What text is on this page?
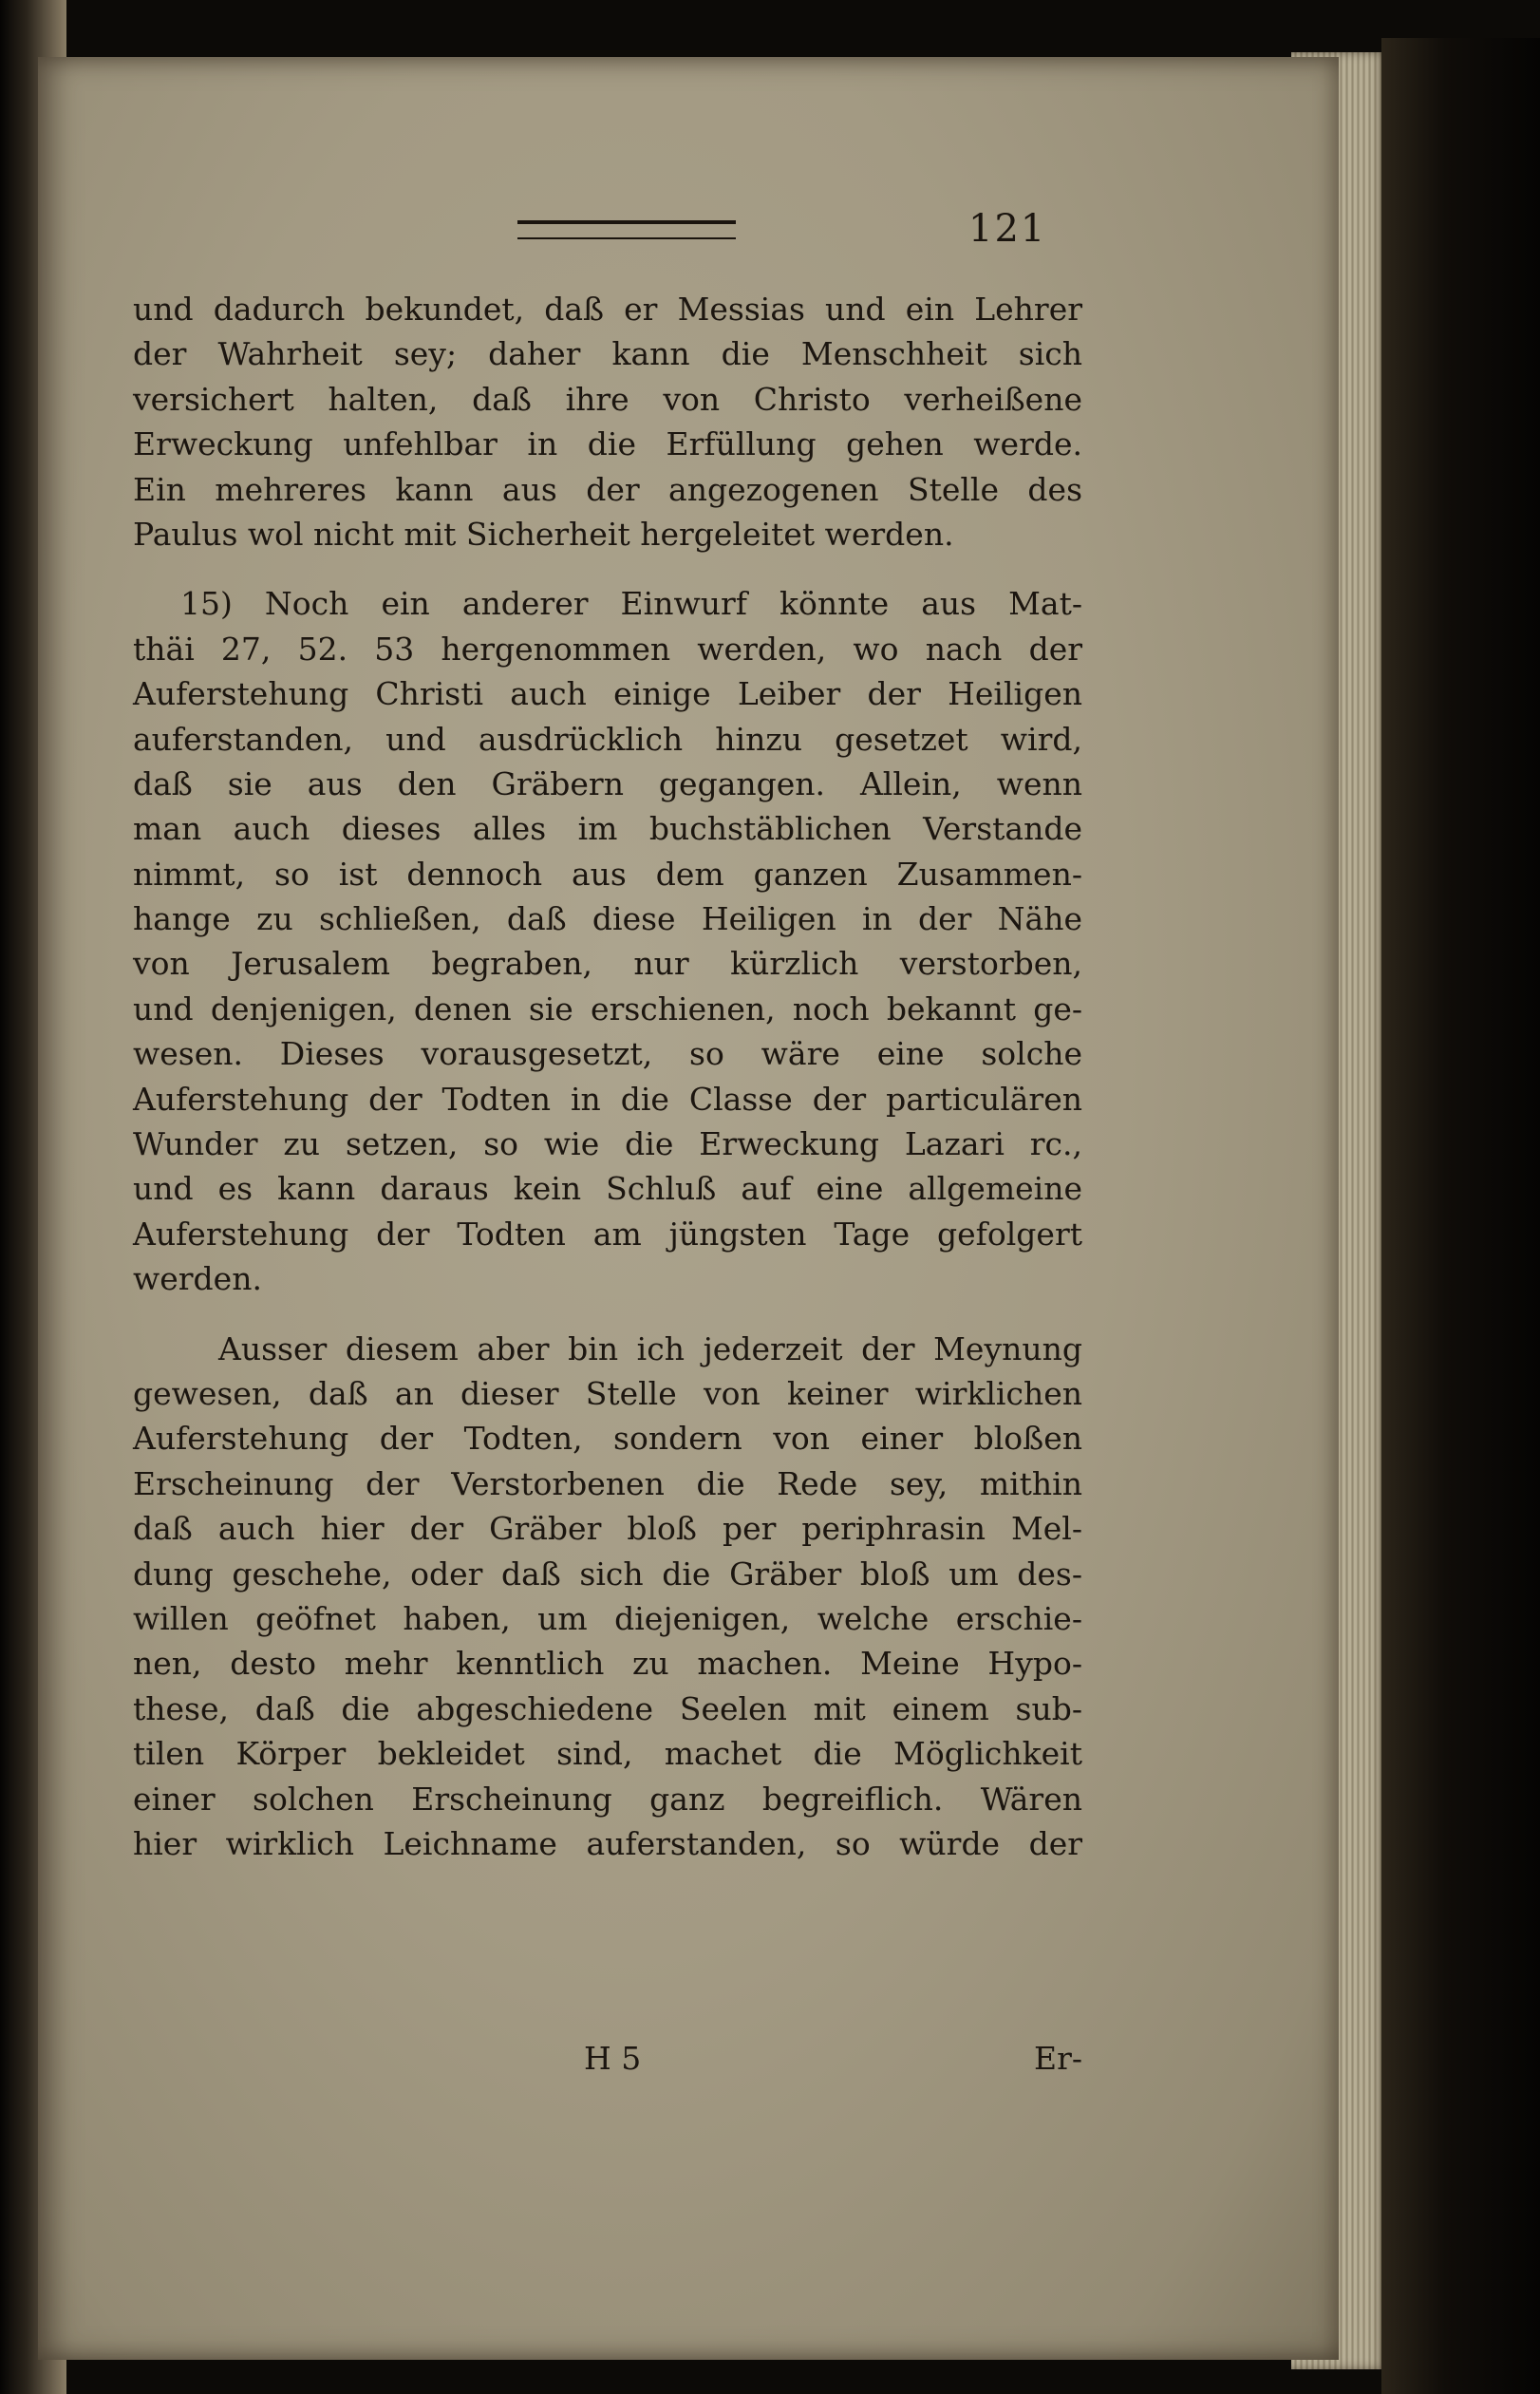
121
und dadurch bekundet, daß er Messias und ein Lehrer
der Wahrheit sey; daher kann die Menschheit sich
versichert halten, daß ihre von Christo verheißene
Erweckung unfehlbar in die Erfüllung gehen werde.
Ein mehreres kann aus der angezogenen Stelle des
Paulus wol nicht mit Sicherheit hergeleitet werden.
15) Noch ein anderer Einwurf könnte aus Mat-
thäi 27, 52. 53 hergenommen werden, wo nach der
Auferstehung Christi auch einige Leiber der Heiligen
auferstanden, und ausdrücklich hinzu gesetzet wird,
daß sie aus den Gräbern gegangen. Allein, wenn
man auch dieses alles im buchstäblichen Verstande
nimmt, so ist dennoch aus dem ganzen Zusammen-
hange zu schließen, daß diese Heiligen in der Nähe
von Jerusalem begraben, nur kürzlich verstorben,
und denjenigen, denen sie erschienen, noch bekannt ge-
wesen. Dieses vorausgesetzt, so wäre eine solche
Auferstehung der Todten in die Classe der particulären
Wunder zu setzen, so wie die Erweckung Lazari rc.,
und es kann daraus kein Schluß auf eine allgemeine
Auferstehung der Todten am jüngsten Tage gefolgert
werden.
Ausser diesem aber bin ich jederzeit der Meynung
gewesen, daß an dieser Stelle von keiner wirklichen
Auferstehung der Todten, sondern von einer bloßen
Erscheinung der Verstorbenen die Rede sey, mithin
daß auch hier der Gräber bloß per periphrasin Mel-
dung geschehe, oder daß sich die Gräber bloß um des-
willen geöfnet haben, um diejenigen, welche erschie-
nen, desto mehr kenntlich zu machen. Meine Hypo-
these, daß die abgeschiedene Seelen mit einem sub-
tilen Körper bekleidet sind, machet die Möglichkeit
einer solchen Erscheinung ganz begreiflich. Wären
hier wirklich Leichname auferstanden, so würde der
H 5	Er-
